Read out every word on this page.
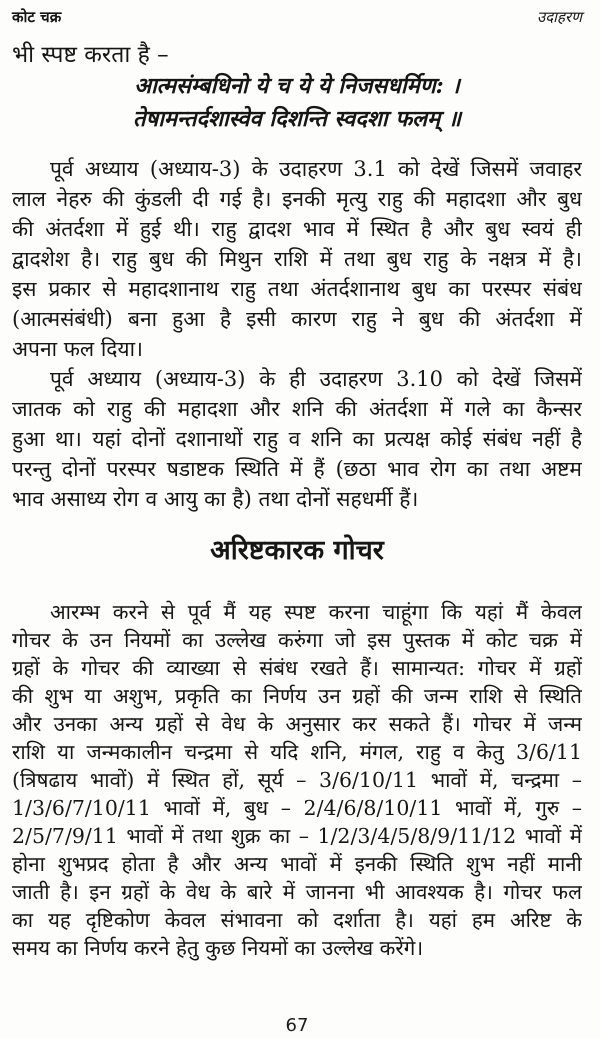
कोट चक्र	उदाहरण
भी स्पष्ट करता है –
आत्मसंम्बधिनो ये च ये ये निजसधर्मिण: ।
तेषामन्तर्दशास्वेव दिशन्ति स्वदशा फलम् ॥
पूर्व अध्याय (अध्याय-3) के उदाहरण 3.1 को देखें जिसमें जवाहर
लाल नेहरु की कुंडली दी गई है। इनकी मृत्यु राहु की महादशा और बुध
की अंतर्दशा में हुई थी। राहु द्वादश भाव में स्थित है और बुध स्वयं ही
द्वादशेश है। राहु बुध की मिथुन राशि में तथा बुध राहु के नक्षत्र में है।
इस प्रकार से महादशानाथ राहु तथा अंतर्दशानाथ बुध का परस्पर संबंध
(आत्मसंबंधी) बना हुआ है इसी कारण राहु ने बुध की अंतर्दशा में
अपना फल दिया।
पूर्व अध्याय (अध्याय-3) के ही उदाहरण 3.10 को देखें जिसमें
जातक को राहु की महादशा और शनि की अंतर्दशा में गले का कैन्सर
हुआ था। यहां दोनों दशानाथों राहु व शनि का प्रत्यक्ष कोई संबंध नहीं है
परन्तु दोनों परस्पर षडाष्टक स्थिति में हैं (छठा भाव रोग का तथा अष्टम
भाव असाध्य रोग व आयु का है) तथा दोनों सहधर्मी हैं।
अरिष्टकारक गोचर
आरम्भ करने से पूर्व मैं यह स्पष्ट करना चाहूंगा कि यहां मैं केवल
गोचर के उन नियमों का उल्लेख करुंगा जो इस पुस्तक में कोट चक्र में
ग्रहों के गोचर की व्याख्या से संबंध रखते हैं। सामान्यत: गोचर में ग्रहों
की शुभ या अशुभ, प्रकृति का निर्णय उन ग्रहों की जन्म राशि से स्थिति
और उनका अन्य ग्रहों से वेध के अनुसार कर सकते हैं। गोचर में जन्म
राशि या जन्मकालीन चन्द्रमा से यदि शनि, मंगल, राहु व केतु 3/6/11
(त्रिषढाय भावों) में स्थित हों, सूर्य – 3/6/10/11 भावों में, चन्द्रमा –
1/3/6/7/10/11 भावों में, बुध – 2/4/6/8/10/11 भावों में, गुरु –
2/5/7/9/11 भावों में तथा शुक्र का – 1/2/3/4/5/8/9/11/12 भावों में
होना शुभप्रद होता है और अन्य भावों में इनकी स्थिति शुभ नहीं मानी
जाती है। इन ग्रहों के वेध के बारे में जानना भी आवश्यक है। गोचर फल
का यह दृष्टिकोण केवल संभावना को दर्शाता है। यहां हम अरिष्ट के
समय का निर्णय करने हेतु कुछ नियमों का उल्लेख करेंगे।
67
